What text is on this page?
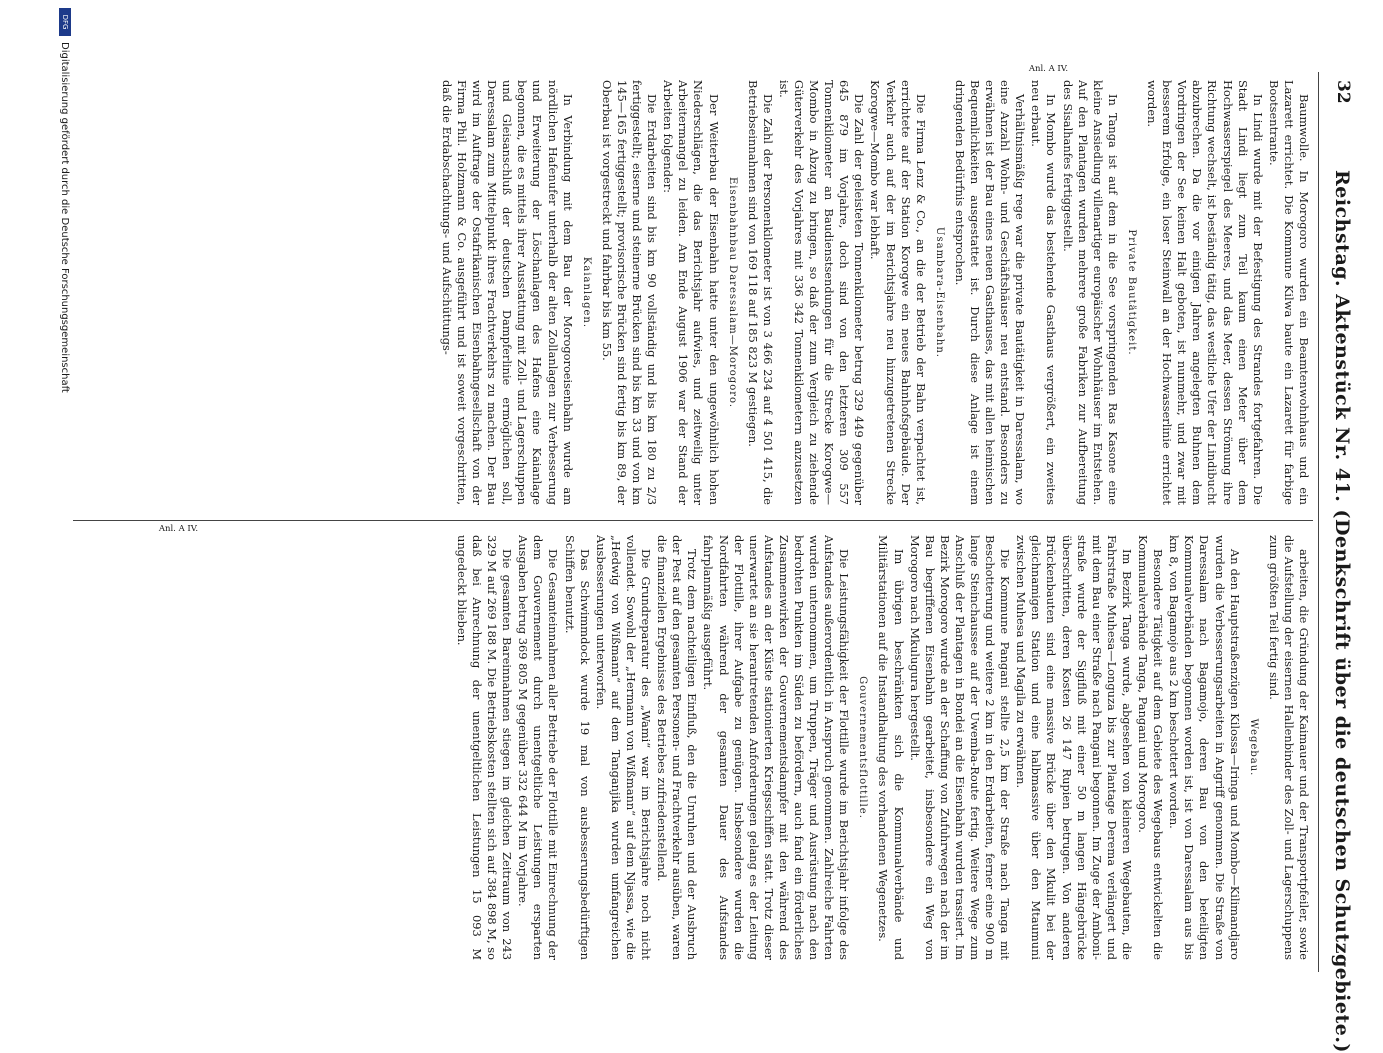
32
Reichstag. Aktenstück Nr. 41. (Denkschrift über die deutschen Schutzgebiete.)

Baumwolle. In Morogoro wurden ein Beamtenwohnhaus und ein Lazarett errichtet. Die Kommune Kilwa baute ein Lazarett für farbige Bootsentrante.

In Lindi wurde mit der Befestigung des Strandes fortgefahren. Die Stadt Lindi liegt zum Teil kaum einen Meter über dem Hochwasserspiegel des Meeres, und das Meer, dessen Strömung ihre Richtung wechselt, ist beständig tätig, das westliche Ufer der Lindibucht abzubrechen. Da die vor einigen Jahren angelegten Buhnen dem Vordringen der See keinen Halt geboten, ist nunmehr, und zwar mit besserem Erfolge, ein loser Steinwall an der Hochwasserlinie errichtet worden.

Private Bautätigkeit.

In Tanga ist auf dem in die See vorspringenden Ras Kasone eine kleine Ansiedlung villenartiger europäischer Wohnhäuser im Entstehen. Auf den Plantagen wurden mehrere große Fabriken zur Aufbereitung des Sisalhanfes fertiggestellt.

In Mombo wurde das bestehende Gasthaus vergrößert, ein zweites neu erbaut.

Verhältnismäßig rege war die private Bautätigkeit in Daressalam, wo eine Anzahl Wohn- und Geschäftshäuser neu entstand. Besonders zu erwähnen ist der Bau eines neuen Gasthauses, das mit allen heimischen Bequemlichkeiten ausgestattet ist. Durch diese Anlage ist einem dringenden Bedürfnis entsprochen.

Usambara-Eisenbahn.

Die Firma Lenz & Co., an die der Betrieb der Bahn verpachtet ist, errichtete auf der Station Korogwe ein neues Bahnhofsgebäude. Der Verkehr auch auf der im Berichtsjahre neu hinzugetretenen Strecke Korogwe—Mombo war lebhaft.

Die Zahl der geleisteten Tonnenkilometer betrug 329 449 gegenüber 645 879 im Vorjahre, doch sind von den letzteren 309 557 Tonnenkilometer an Baudienstsendungen für die Strecke Korogwe—Mombo in Abzug zu bringen, so daß der zum Vergleich zu ziehende Güterverkehr des Vorjahres mit 336 342 Tonnenkilometern anzusetzen ist.

Die Zahl der Personenkilometer ist von 3 466 234 auf 4 501 415, die Betriebseinnahmen sind von 169 118 auf 185 823 M gestiegen.

Eisenbahnbau Daressalam—Morogoro.

Der Weiterbau der Eisenbahn hatte unter den ungewöhnlich hohen Niederschlägen, die das Berichtsjahr aufwies, und zeitweilig unter Arbeitermangel zu leiden. Am Ende August 1906 war der Stand der Arbeiten folgender:

Die Erdarbeiten sind bis km 90 vollständig und bis km 180 zu 2/3 fertiggestellt; eiserne und steinerne Brücken sind bis km 33 und von km 145—165 fertiggestellt; provisorische Brücken sind fertig bis km 89, der Oberbau ist vorgestreckt und fahrbar bis km 55.

Kaianlagen.

In Verbindung mit dem Bau der Morogoroeisenbahn wurde am nördlichen Hafenufer unterhalb der alten Zollanlagen zur Verbesserung und Erweiterung der Löschanlagen des Hafens eine Kaianlage begonnen, die es mittels ihrer Ausstattung mit Zoll- und Lagerschuppen und Gleisanschluß der deutschen Dampferlinie ermöglichen soll, Daressalam zum Mittelpunkt ihres Frachtverkehrs zu machen. Der Bau wird im Auftrage der Ostafrikanischen Eisenbahngesellschaft von der Firma Phil. Holzmann & Co. ausgeführt und ist soweit vorgeschritten, daß die Erdabschachtungs- und Aufschüttungs-

arbeiten, die Gründung der Kaimauer und der Transportpfeiler, sowie die Aufstellung der eisernen Hallenbinder des Zoll- und Lagerschuppens zum größten Teil fertig sind.

Wegebau.

An den Hauptstraßenzügen Kilossa—Iringa und Mombo—Kilimandjaro wurden die Verbesserungsarbeiten in Angriff genommen. Die Straße von Daressalam nach Bagamojo, deren Bau von den beteiligten Kommunalverbänden begonnen worden ist, ist von Daressalam aus bis km 8, von Bagamojo aus 2 km beschottert worden.

Besondere Tätigkeit auf dem Gebiete des Wegebaus entwickelten die Kommunalverbände Tanga, Pangani und Morogoro.

Im Bezirk Tanga wurde, abgesehen von kleineren Wegebauten, die Fahrstraße Muhesa—Longuza bis zur Plantage Derema verlängert und mit dem Bau einer Straße nach Pangani begonnen. Im Zuge der Amboni-straße wurde der Sigifluß mit einer 50 m langen Hängebrücke überschritten, deren Kosten 26 147 Rupien betrugen. Von anderen Brückenbauten sind eine massive Brücke über den Mkulit bei der gleichnamigen Station und eine halbmassive über den Mtaumuni zwischen Muhesa und Magila zu erwähnen.

Die Kommune Pangani stellte 2,5 km der Straße nach Tanga mit Beschotterung und weitere 2 km in den Erdarbeiten, ferner eine 900 m lange Steinchaussee auf der Uwemba-Route fertig. Weitere Wege zum Anschluß der Plantagen in Bondei an die Eisenbahn wurden trassiert. Im Bezirk Morogoro wurde an der Schaffung von Zufuhrwegen nach der im Bau begriffenen Eisenbahn gearbeitet, insbesondere ein Weg von Morogoro nach Mkulugura hergestellt.

Im übrigen beschränkten sich die Kommunalverbände und Militärstationen auf die Instandhaltung des vorhandenen Wegenetzes.

Gouvernementsflottille.

Die Leistungsfähigkeit der Flottille wurde im Berichtsjahr infolge des Aufstandes außerordentlich in Anspruch genommen. Zahlreiche Fahrten wurden unternommen, um Truppen, Träger und Ausrüstung nach den bedrohten Punkten im Süden zu befördern, auch fand ein förderliches Zusammenwirken der Gouvernementsdampfer mit den während des Aufstandes an der Küste stationierten Kriegsschiffen statt. Trotz dieser unerwartet an sie herantretenden Anforderungen gelang es der Leitung der Flottille, ihrer Aufgabe zu genügen. Insbesondere wurden die Nordfahrten während der gesamten Dauer des Aufstandes fahrplanmäßig ausgeführt.

Trotz dem nachteiligen Einfluß, den die Unruhen und der Ausbruch der Pest auf den gesamten Personen- und Frachtverkehr ausüben, waren die finanziellen Ergebnisse des Betriebes zufriedenstellend.

Die Grundreparatur des „Wami“ war im Berichtsjahre noch nicht vollendet. Sowohl der „Hermann von Wißmann“ auf dem Njassa, wie die „Hedwig von Wißmann“ auf dem Tanganjika wurden umfangreichen Ausbesserungen unterworfen.

Das Schwimmdock wurde 19 mal von ausbesserungsbedürftigen Schiffen benutzt.

Die Gesamteinnahmen aller Betriebe der Flottille mit Einrechnung der dem Gouvernement durch unentgeltliche Leistungen ersparten Ausgaben betrug 369 805 M gegenüber 332 644 M im Vorjahre.

Die gesamten Bareinnahmen stiegen im gleichen Zeitraum von 243 329 M auf 269 188 M. Die Betriebskosten stellten sich auf 384 898 M, so daß bei Anrechnung der unentgeltlichen Leistungen 15 093 M ungedeckt blieben.

Anl. A IV.
Anl. A IV.
DFGDigitalisierung gefördert durch die Deutsche Forschungsgemeinschaft
